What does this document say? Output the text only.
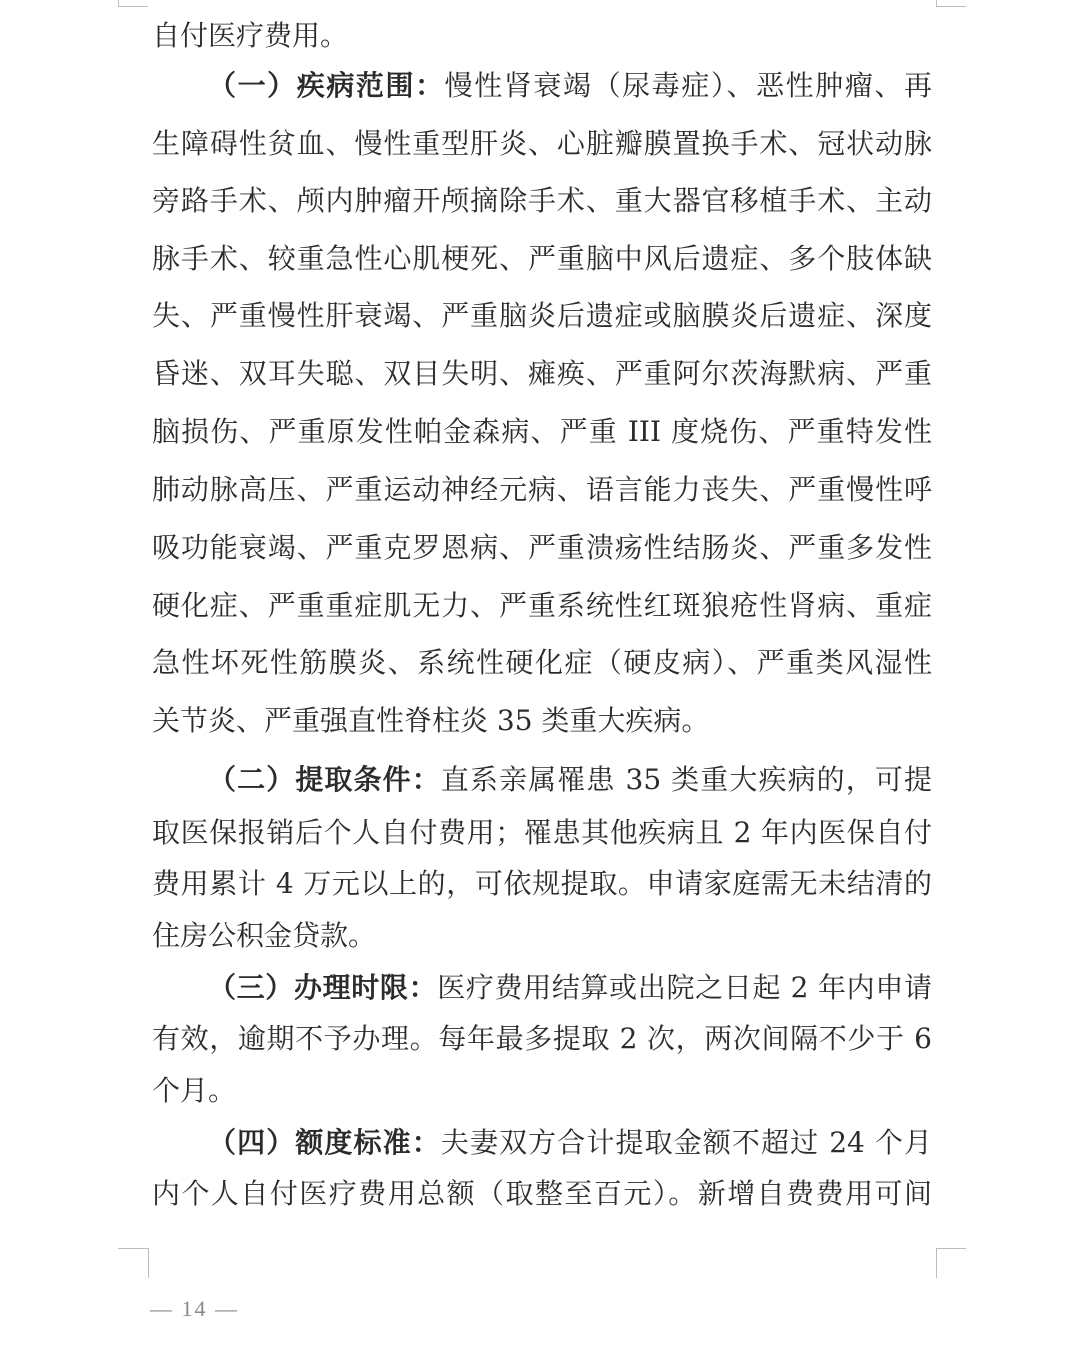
自付医疗费用。
（一）疾病范围：慢性肾衰竭（尿毒症）、恶性肿瘤、再
生障碍性贫血、慢性重型肝炎、心脏瓣膜置换手术、冠状动脉
旁路手术、颅内肿瘤开颅摘除手术、重大器官移植手术、主动
脉手术、较重急性心肌梗死、严重脑中风后遗症、多个肢体缺
失、严重慢性肝衰竭、严重脑炎后遗症或脑膜炎后遗症、深度
昏迷、双耳失聪、双目失明、瘫痪、严重阿尔茨海默病、严重
脑损伤、严重原发性帕金森病、严重 III 度烧伤、严重特发性
肺动脉高压、严重运动神经元病、语言能力丧失、严重慢性呼
吸功能衰竭、严重克罗恩病、严重溃疡性结肠炎、严重多发性
硬化症、严重重症肌无力、严重系统性红斑狼疮性肾病、重症
急性坏死性筋膜炎、系统性硬化症（硬皮病）、严重类风湿性
关节炎、严重强直性脊柱炎 35 类重大疾病。
（二）提取条件：直系亲属罹患 35 类重大疾病的，可提
取医保报销后个人自付费用；罹患其他疾病且 2 年内医保自付
费用累计 4 万元以上的，可依规提取。申请家庭需无未结清的
住房公积金贷款。
（三）办理时限：医疗费用结算或出院之日起 2 年内申请
有效，逾期不予办理。每年最多提取 2 次，两次间隔不少于 6
个月。
（四）额度标准：夫妻双方合计提取金额不超过 24 个月
内个人自付医疗费用总额（取整至百元）。新增自费费用可间
— 14 —
